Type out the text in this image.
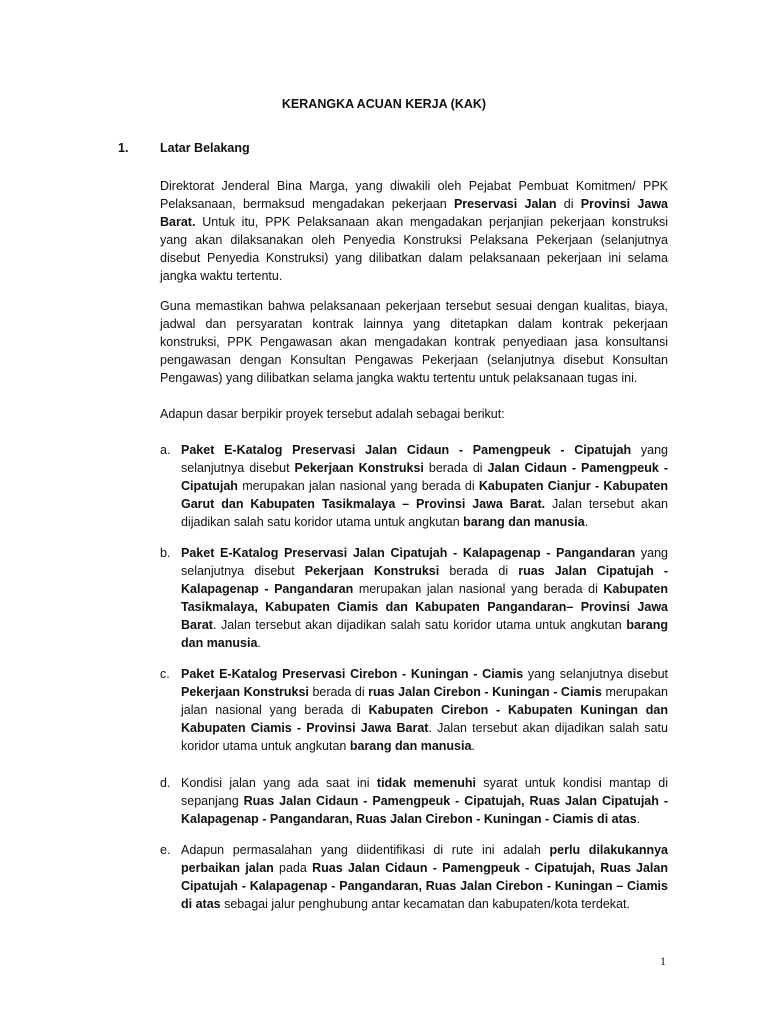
KERANGKA ACUAN KERJA (KAK)
1.	Latar Belakang

Direktorat Jenderal Bina Marga, yang diwakili oleh Pejabat Pembuat Komitmen/ PPK Pelaksanaan, bermaksud mengadakan pekerjaan Preservasi Jalan di Provinsi Jawa Barat. Untuk itu, PPK Pelaksanaan akan mengadakan perjanjian pekerjaan konstruksi yang akan dilaksanakan oleh Penyedia Konstruksi Pelaksana Pekerjaan (selanjutnya disebut Penyedia Konstruksi) yang dilibatkan dalam pelaksanaan pekerjaan ini selama jangka waktu tertentu.

Guna memastikan bahwa pelaksanaan pekerjaan tersebut sesuai dengan kualitas, biaya, jadwal dan persyaratan kontrak lainnya yang ditetapkan dalam kontrak pekerjaan konstruksi, PPK Pengawasan akan mengadakan kontrak penyediaan jasa konsultansi pengawasan dengan Konsultan Pengawas Pekerjaan (selanjutnya disebut Konsultan Pengawas) yang dilibatkan selama jangka waktu tertentu untuk pelaksanaan tugas ini.

Adapun dasar berpikir proyek tersebut adalah sebagai berikut:

a. Paket E-Katalog Preservasi Jalan Cidaun - Pamengpeuk - Cipatujah yang selanjutnya disebut Pekerjaan Konstruksi berada di Jalan Cidaun - Pamengpeuk - Cipatujah merupakan jalan nasional yang berada di Kabupaten Cianjur - Kabupaten Garut dan Kabupaten Tasikmalaya – Provinsi Jawa Barat. Jalan tersebut akan dijadikan salah satu koridor utama untuk angkutan barang dan manusia.
b. Paket E-Katalog Preservasi Jalan Cipatujah - Kalapagenap - Pangandaran yang selanjutnya disebut Pekerjaan Konstruksi berada di ruas Jalan Cipatujah - Kalapagenap - Pangandaran merupakan jalan nasional yang berada di Kabupaten Tasikmalaya, Kabupaten Ciamis dan Kabupaten Pangandaran– Provinsi Jawa Barat. Jalan tersebut akan dijadikan salah satu koridor utama untuk angkutan barang dan manusia.
c. Paket E-Katalog Preservasi Cirebon - Kuningan - Ciamis yang selanjutnya disebut Pekerjaan Konstruksi berada di ruas Jalan Cirebon - Kuningan - Ciamis merupakan jalan nasional yang berada di Kabupaten Cirebon - Kabupaten Kuningan dan Kabupaten Ciamis - Provinsi Jawa Barat. Jalan tersebut akan dijadikan salah satu koridor utama untuk angkutan barang dan manusia.
d. Kondisi jalan yang ada saat ini tidak memenuhi syarat untuk kondisi mantap di sepanjang Ruas Jalan Cidaun - Pamengpeuk - Cipatujah, Ruas Jalan Cipatujah - Kalapagenap - Pangandaran, Ruas Jalan Cirebon - Kuningan - Ciamis di atas.
e. Adapun permasalahan yang diidentifikasi di rute ini adalah perlu dilakukannya perbaikan jalan pada Ruas Jalan Cidaun - Pamengpeuk - Cipatujah, Ruas Jalan Cipatujah - Kalapagenap - Pangandaran, Ruas Jalan Cirebon - Kuningan – Ciamis di atas sebagai jalur penghubung antar kecamatan dan kabupaten/kota terdekat.
1
